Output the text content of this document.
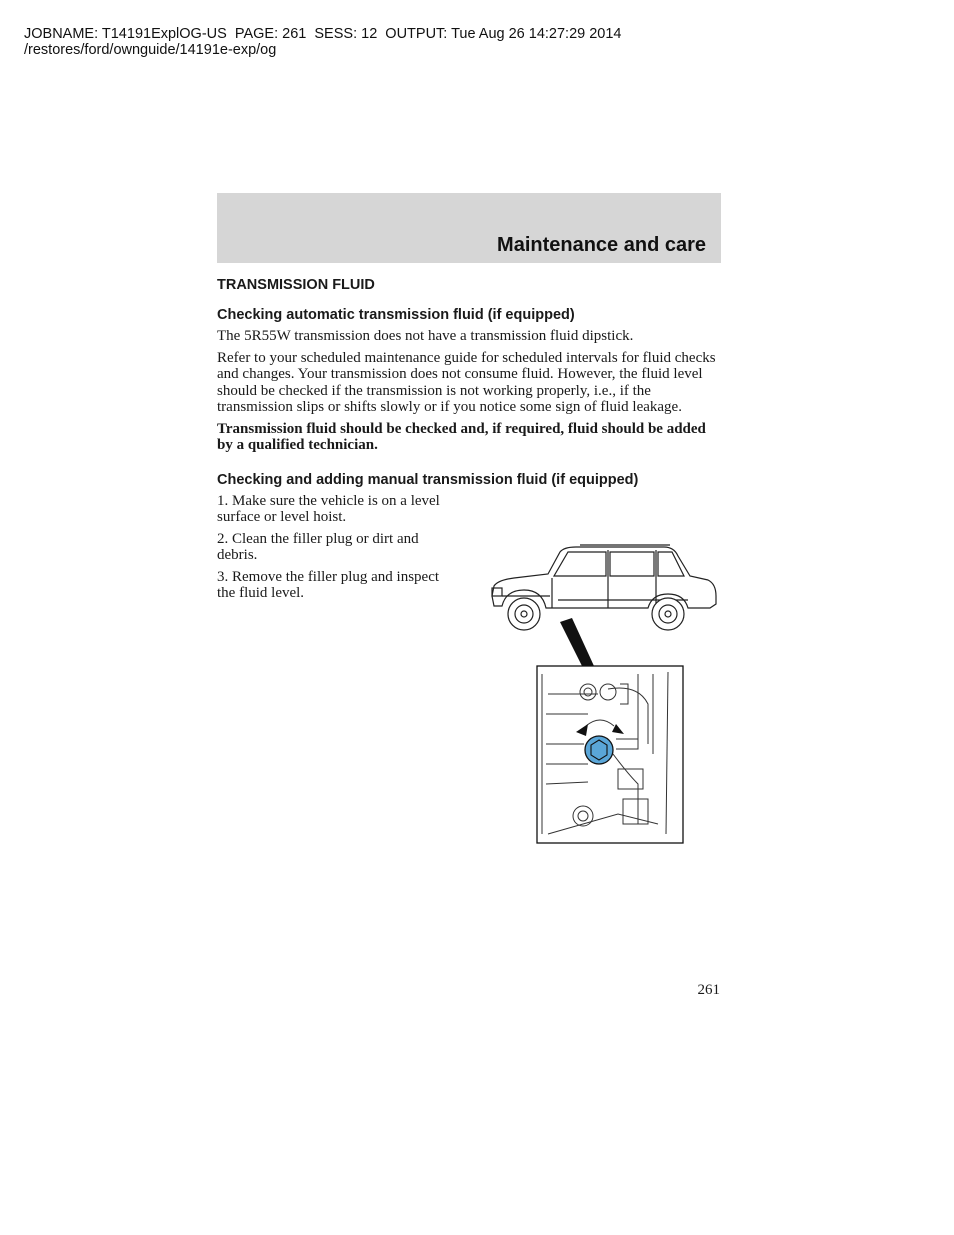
JOBNAME: T14191ExplOG-US  PAGE: 261  SESS: 12  OUTPUT: Tue Aug 26 14:27:29 2014
/restores/ford/ownguide/14191e-exp/og
Maintenance and care
TRANSMISSION FLUID
Checking automatic transmission fluid (if equipped)
The 5R55W transmission does not have a transmission fluid dipstick.
Refer to your scheduled maintenance guide for scheduled intervals for fluid checks and changes. Your transmission does not consume fluid. However, the fluid level should be checked if the transmission is not working properly, i.e., if the transmission slips or shifts slowly or if you notice some sign of fluid leakage.
Transmission fluid should be checked and, if required, fluid should be added by a qualified technician.
Checking and adding manual transmission fluid (if equipped)
1. Make sure the vehicle is on a level surface or level hoist.
2. Clean the filler plug or dirt and debris.
3. Remove the filler plug and inspect the fluid level.
261
